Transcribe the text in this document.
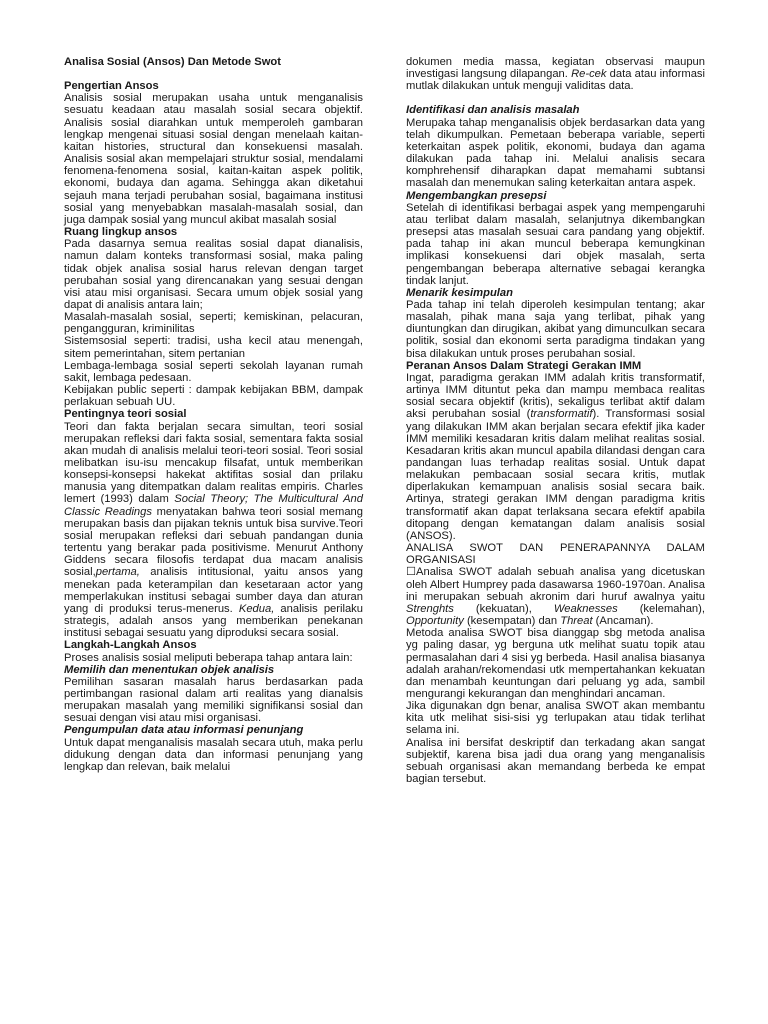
Analisa Sosial (Ansos) Dan Metode Swot

Pengertian Ansos

Analisis sosial merupakan usaha untuk menganalisis sesuatu keadaan atau masalah sosial secara objektif. Analisis sosial diarahkan untuk memperoleh gambaran lengkap mengenai situasi sosial dengan menelaah kaitan-kaitan histories, structural dan konsekuensi masalah. Analisis sosial akan mempelajari struktur sosial, mendalami fenomena-fenomena sosial, kaitan-kaitan aspek politik, ekonomi, budaya dan agama. Sehingga akan diketahui sejauh mana terjadi perubahan sosial, bagaimana institusi sosial yang menyebabkan masalah-masalah sosial, dan juga dampak sosial yang muncul akibat masalah sosial

Ruang lingkup ansos

Pada dasarnya semua realitas sosial dapat dianalisis, namun dalam konteks transformasi sosial, maka paling tidak objek analisa sosial harus relevan dengan target perubahan sosial yang direncanakan yang sesuai dengan visi atau misi organisasi. Secara umum objek sosial yang dapat di analisis antara lain;

Masalah-masalah sosial, seperti; kemiskinan, pelacuran, pengangguran, kriminilitas

Sistemsosial seperti: tradisi, usha kecil atau menengah, sitem pemerintahan, sitem pertanian

Lembaga-lembaga sosial seperti sekolah layanan rumah sakit, lembaga pedesaan.

Kebijakan public seperti : dampak kebijakan BBM, dampak perlakuan sebuah UU.

Pentingnya teori sosial

Teori dan fakta berjalan secara simultan, teori sosial merupakan refleksi dari fakta sosial, sementara fakta sosial akan mudah di analisis melalui teori-teori sosial. Teori sosial melibatkan isu-isu mencakup filsafat, untuk memberikan konsepsi-konsepsi hakekat aktifitas sosial dan prilaku manusia yang ditempatkan dalam realitas empiris. Charles lemert (1993) dalam Social Theory; The Multicultural And Classic Readings menyatakan bahwa teori sosial memang merupakan basis dan pijakan teknis untuk bisa survive.Teori sosial merupakan refleksi dari sebuah pandangan dunia tertentu yang berakar pada positivisme. Menurut Anthony Giddens secara filosofis terdapat dua macam analisis sosial,pertama, analisis intitusional, yaitu ansos yang menekan pada keterampilan dan kesetaraan actor yang memperlakukan institusi sebagai sumber daya dan aturan yang di produksi terus-menerus. Kedua, analisis perilaku strategis, adalah ansos yang memberikan penekanan institusi sebagai sesuatu yang diproduksi secara sosial.

Langkah-Langkah Ansos

Proses analisis sosial meliputi beberapa tahap antara lain:

Memilih dan menentukan objek analisis

Pemilihan sasaran masalah harus berdasarkan pada pertimbangan rasional dalam arti realitas yang dianalsis merupakan masalah yang memiliki signifikansi sosial dan sesuai dengan visi atau misi organisasi.

Pengumpulan data atau informasi penunjang

Untuk dapat menganalisis masalah secara utuh, maka perlu didukung dengan data dan informasi penunjang yang lengkap dan relevan, baik melalui

dokumen media massa, kegiatan observasi maupun investigasi langsung dilapangan. Re-cek data atau informasi mutlak dilakukan untuk menguji validitas data.

Identifikasi dan analisis masalah

Merupaka tahap menganalisis objek berdasarkan data yang telah dikumpulkan. Pemetaan beberapa variable, seperti keterkaitan aspek politik, ekonomi, budaya dan agama dilakukan pada tahap ini. Melalui analisis secara komphrehensif diharapkan dapat memahami subtansi masalah dan menemukan saling keterkaitan antara aspek.

Mengembangkan presepsi

Setelah di identifikasi berbagai aspek yang mempengaruhi atau terlibat dalam masalah, selanjutnya dikembangkan presepsi atas masalah sesuai cara pandang yang objektif. pada tahap ini akan muncul beberapa kemungkinan implikasi konsekuensi dari objek masalah, serta pengembangan beberapa alternative sebagai kerangka tindak lanjut.

Menarik kesimpulan

Pada tahap ini telah diperoleh kesimpulan tentang; akar masalah, pihak mana saja yang terlibat, pihak yang diuntungkan dan dirugikan, akibat yang dimunculkan secara politik, sosial dan ekonomi serta paradigma tindakan yang bisa dilakukan untuk proses perubahan sosial.

Peranan Ansos Dalam Strategi Gerakan IMM

Ingat, paradigma gerakan IMM adalah kritis transformatif, artinya IMM dituntut peka dan mampu membaca realitas sosial secara objektif (kritis), sekaligus terlibat aktif dalam aksi perubahan sosial (transformatif). Transformasi sosial yang dilakukan IMM akan berjalan secara efektif jika kader IMM memiliki kesadaran kritis dalam melihat realitas sosial. Kesadaran kritis akan muncul apabila dilandasi dengan cara pandangan luas terhadap realitas sosial. Untuk dapat melakukan pembacaan sosial secara kritis, mutlak diperlakukan kemampuan analisis sosial secara baik. Artinya, strategi gerakan IMM dengan paradigma kritis transformatif akan dapat terlaksana secara efektif apabila ditopang dengan kematangan dalam analisis sosial (ANSOS).

ANALISA SWOT DAN PENERAPANNYA DALAM ORGANISASI

☐Analisa SWOT adalah sebuah analisa yang dicetuskan oleh Albert Humprey pada dasawarsa 1960-1970an. Analisa ini merupakan sebuah akronim dari huruf awalnya yaitu Strenghts (kekuatan), Weaknesses (kelemahan), Opportunity (kesempatan) dan Threat (Ancaman).

Metoda analisa SWOT bisa dianggap sbg metoda analisa yg paling dasar, yg berguna utk melihat suatu topik atau permasalahan dari 4 sisi yg berbeda. Hasil analisa biasanya adalah arahan/rekomendasi utk mempertahankan kekuatan dan menambah keuntungan dari peluang yg ada, sambil mengurangi kekurangan dan menghindari ancaman.

Jika digunakan dgn benar, analisa SWOT akan membantu kita utk melihat sisi-sisi yg terlupakan atau tidak terlihat selama ini.

Analisa ini bersifat deskriptif dan terkadang akan sangat subjektif, karena bisa jadi dua orang yang menganalisis sebuah organisasi akan memandang berbeda ke empat bagian tersebut.
